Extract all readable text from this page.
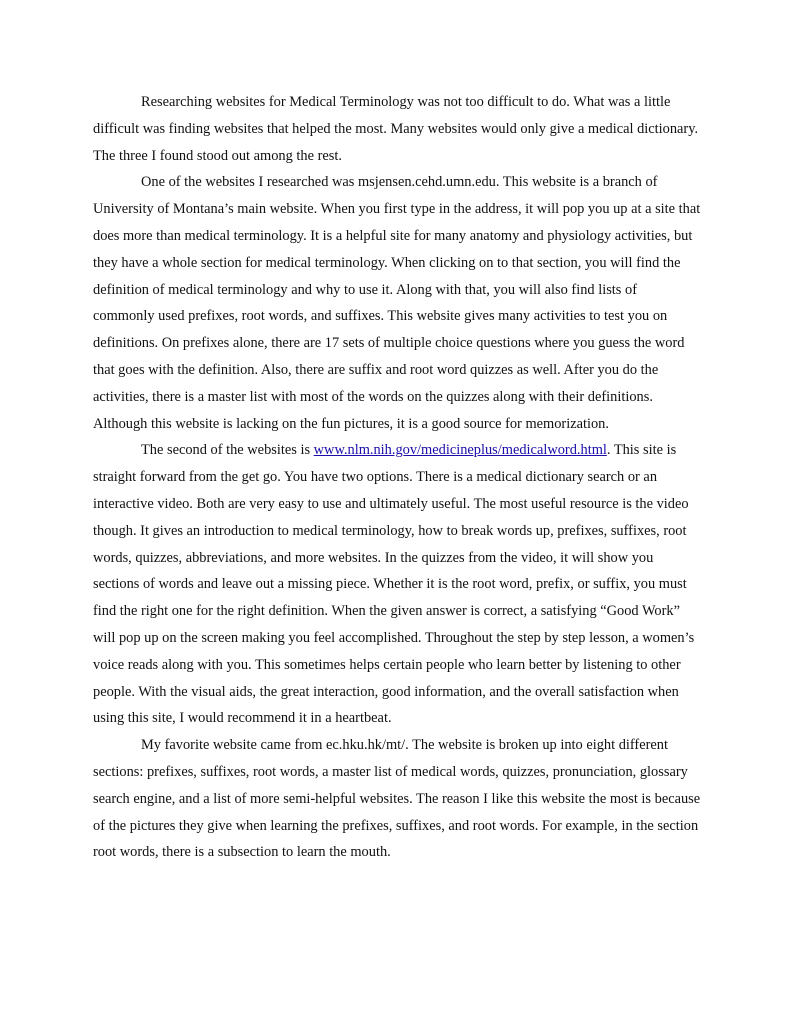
Researching websites for Medical Terminology was not too difficult to do. What was a little difficult was finding websites that helped the most. Many websites would only give a medical dictionary. The three I found stood out among the rest.

One of the websites I researched was msjensen.cehd.umn.edu. This website is a branch of University of Montana’s main website. When you first type in the address, it will pop you up at a site that does more than medical terminology. It is a helpful site for many anatomy and physiology activities, but they have a whole section for medical terminology. When clicking on to that section, you will find the definition of medical terminology and why to use it. Along with that, you will also find lists of commonly used prefixes, root words, and suffixes. This website gives many activities to test you on definitions. On prefixes alone, there are 17 sets of multiple choice questions where you guess the word that goes with the definition. Also, there are suffix and root word quizzes as well. After you do the activities, there is a master list with most of the words on the quizzes along with their definitions. Although this website is lacking on the fun pictures, it is a good source for memorization.

The second of the websites is www.nlm.nih.gov/medicineplus/medicalword.html. This site is straight forward from the get go. You have two options. There is a medical dictionary search or an interactive video. Both are very easy to use and ultimately useful. The most useful resource is the video though. It gives an introduction to medical terminology, how to break words up, prefixes, suffixes, root words, quizzes, abbreviations, and more websites. In the quizzes from the video, it will show you sections of words and leave out a missing piece. Whether it is the root word, prefix, or suffix, you must find the right one for the right definition. When the given answer is correct, a satisfying “Good Work” will pop up on the screen making you feel accomplished. Throughout the step by step lesson, a women’s voice reads along with you. This sometimes helps certain people who learn better by listening to other people. With the visual aids, the great interaction, good information, and the overall satisfaction when using this site, I would recommend it in a heartbeat.

My favorite website came from ec.hku.hk/mt/. The website is broken up into eight different sections: prefixes, suffixes, root words, a master list of medical words, quizzes, pronunciation, glossary search engine, and a list of more semi-helpful websites. The reason I like this website the most is because of the pictures they give when learning the prefixes, suffixes, and root words. For example, in the section root words, there is a subsection to learn the mouth.
